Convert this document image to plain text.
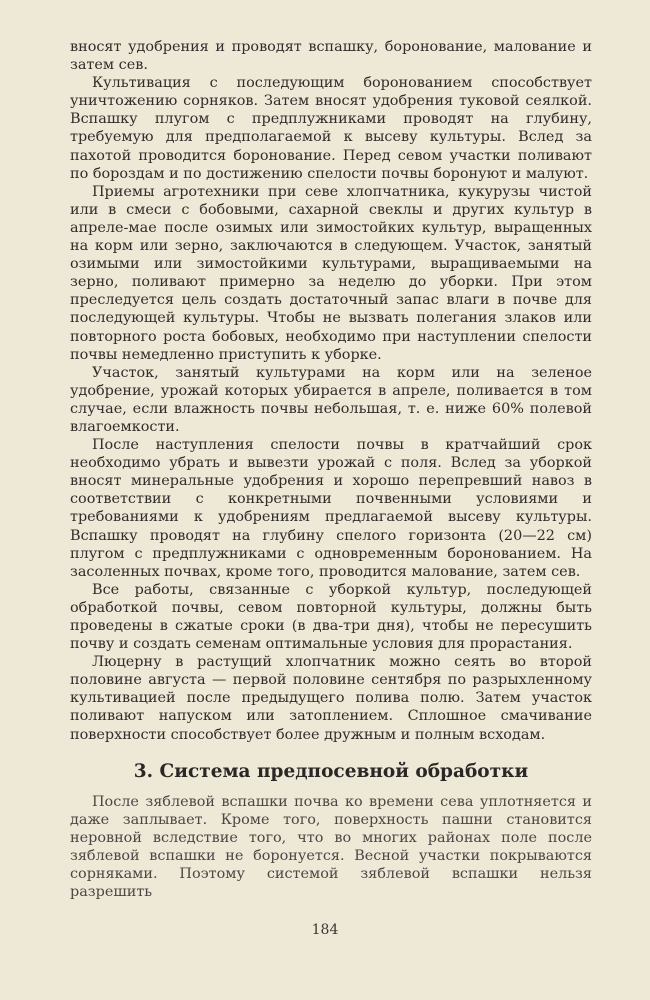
вносят удобрения и проводят вспашку, боронование, малование и затем сев.

Культивация с последующим боронованием способствует уничтожению сорняков. Затем вносят удобрения туковой сеялкой. Вспашку плугом с предплужниками проводят на глубину, требуемую для предполагаемой к высеву культуры. Вслед за пахотой проводится боронование. Перед севом участки поливают по бороздам и по достижению спелости почвы боронуют и малуют.

Приемы агротехники при севе хлопчатника, кукурузы чистой или в смеси с бобовыми, сахарной свеклы и других культур в апреле-мае после озимых или зимостойких культур, выращенных на корм или зерно, заключаются в следующем. Участок, занятый озимыми или зимостойкими культурами, выращиваемыми на зерно, поливают примерно за неделю до уборки. При этом преследуется цель создать достаточный запас влаги в почве для последующей культуры. Чтобы не вызвать полегания злаков или повторного роста бобовых, необходимо при наступлении спелости почвы немедленно приступить к уборке.

Участок, занятый культурами на корм или на зеленое удобрение, урожай которых убирается в апреле, поливается в том случае, если влажность почвы небольшая, т. е. ниже 60% полевой влагоемкости.

После наступления спелости почвы в кратчайший срок необходимо убрать и вывезти урожай с поля. Вслед за уборкой вносят минеральные удобрения и хорошо перепревший навоз в соответствии с конкретными почвенными условиями и требованиями к удобрениям предлагаемой высеву культуры. Вспашку проводят на глубину спелого горизонта (20—22 см) плугом с предплужниками с одновременным боронованием. На засоленных почвах, кроме того, проводится малование, затем сев.

Все работы, связанные с уборкой культур, последующей обработкой почвы, севом повторной культуры, должны быть проведены в сжатые сроки (в два-три дня), чтобы не пересушить почву и создать семенам оптимальные условия для прорастания.

Люцерну в растущий хлопчатник можно сеять во второй половине августа — первой половине сентября по разрыхленному культивацией после предыдущего полива полю. Затем участок поливают напуском или затоплением. Сплошное смачивание поверхности способствует более дружным и полным всходам.

3. Система предпосевной обработки

После зяблевой вспашки почва ко времени сева уплотняется и даже заплывает. Кроме того, поверхность пашни становится неровной вследствие того, что во многих районах поле после зяблевой вспашки не боронуется. Весной участки покрываются сорняками. Поэтому системой зяблевой вспашки нельзя разрешить

184
